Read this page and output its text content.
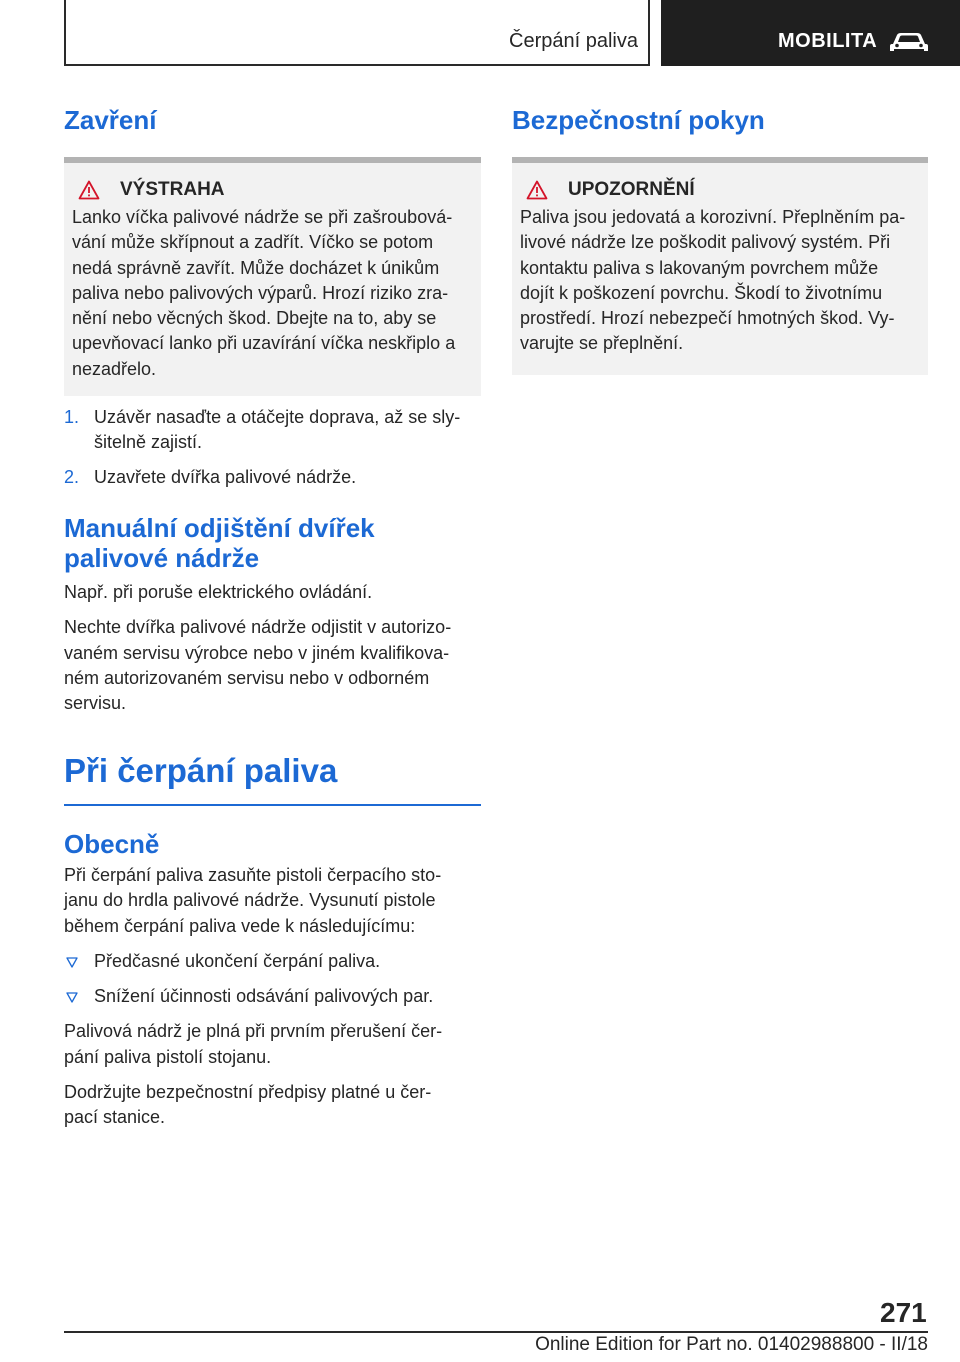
Čerpání paliva	MOBILITA
Zavření
VÝSTRAHA
Lanko víčka palivové nádrže se při zašroubová‐
vání může skřípnout a zadřít. Víčko se potom
nedá správně zavřít. Může docházet k únikům
paliva nebo palivových výparů. Hrozí riziko zra‐
nění nebo věcných škod. Dbejte na to, aby se
upevňovací lanko při uzavírání víčka neskřiplo a
nezadřelo.
1. Uzávěr nasaďte a otáčejte doprava, až se sly‐
šitelně zajistí.
2. Uzavřete dvířka palivové nádrže.
Manuální odjištění dvířek
palivové nádrže

Např. při poruše elektrického ovládání.

Nechte dvířka palivové nádrže odjistit v autorizo‐
vaném servisu výrobce nebo v jiném kvalifikova‐
ném autorizovaném servisu nebo v odborném
servisu.

Při čerpání paliva
Obecně

Při čerpání paliva zasuňte pistoli čerpacího sto‐
janu do hrdla palivové nádrže. Vysunutí pistole
během čerpání paliva vede k následujícímu:

Předčasné ukončení čerpání paliva.
Snížení účinnosti odsávání palivových par.

Palivová nádrž je plná při prvním přerušení čer‐
pání paliva pistolí stojanu.

Dodržujte bezpečnostní předpisy platné u čer‐
pací stanice.

Bezpečnostní pokyn
UPOZORNĚNÍ
Paliva jsou jedovatá a korozivní. Přeplněním pa‐
livové nádrže lze poškodit palivový systém. Při
kontaktu paliva s lakovaným povrchem může
dojít k poškození povrchu. Škodí to životnímu
prostředí. Hrozí nebezpečí hmotných škod. Vy‐
varujte se přeplnění.
271
Online Edition for Part no. 01402988800 - II/18
